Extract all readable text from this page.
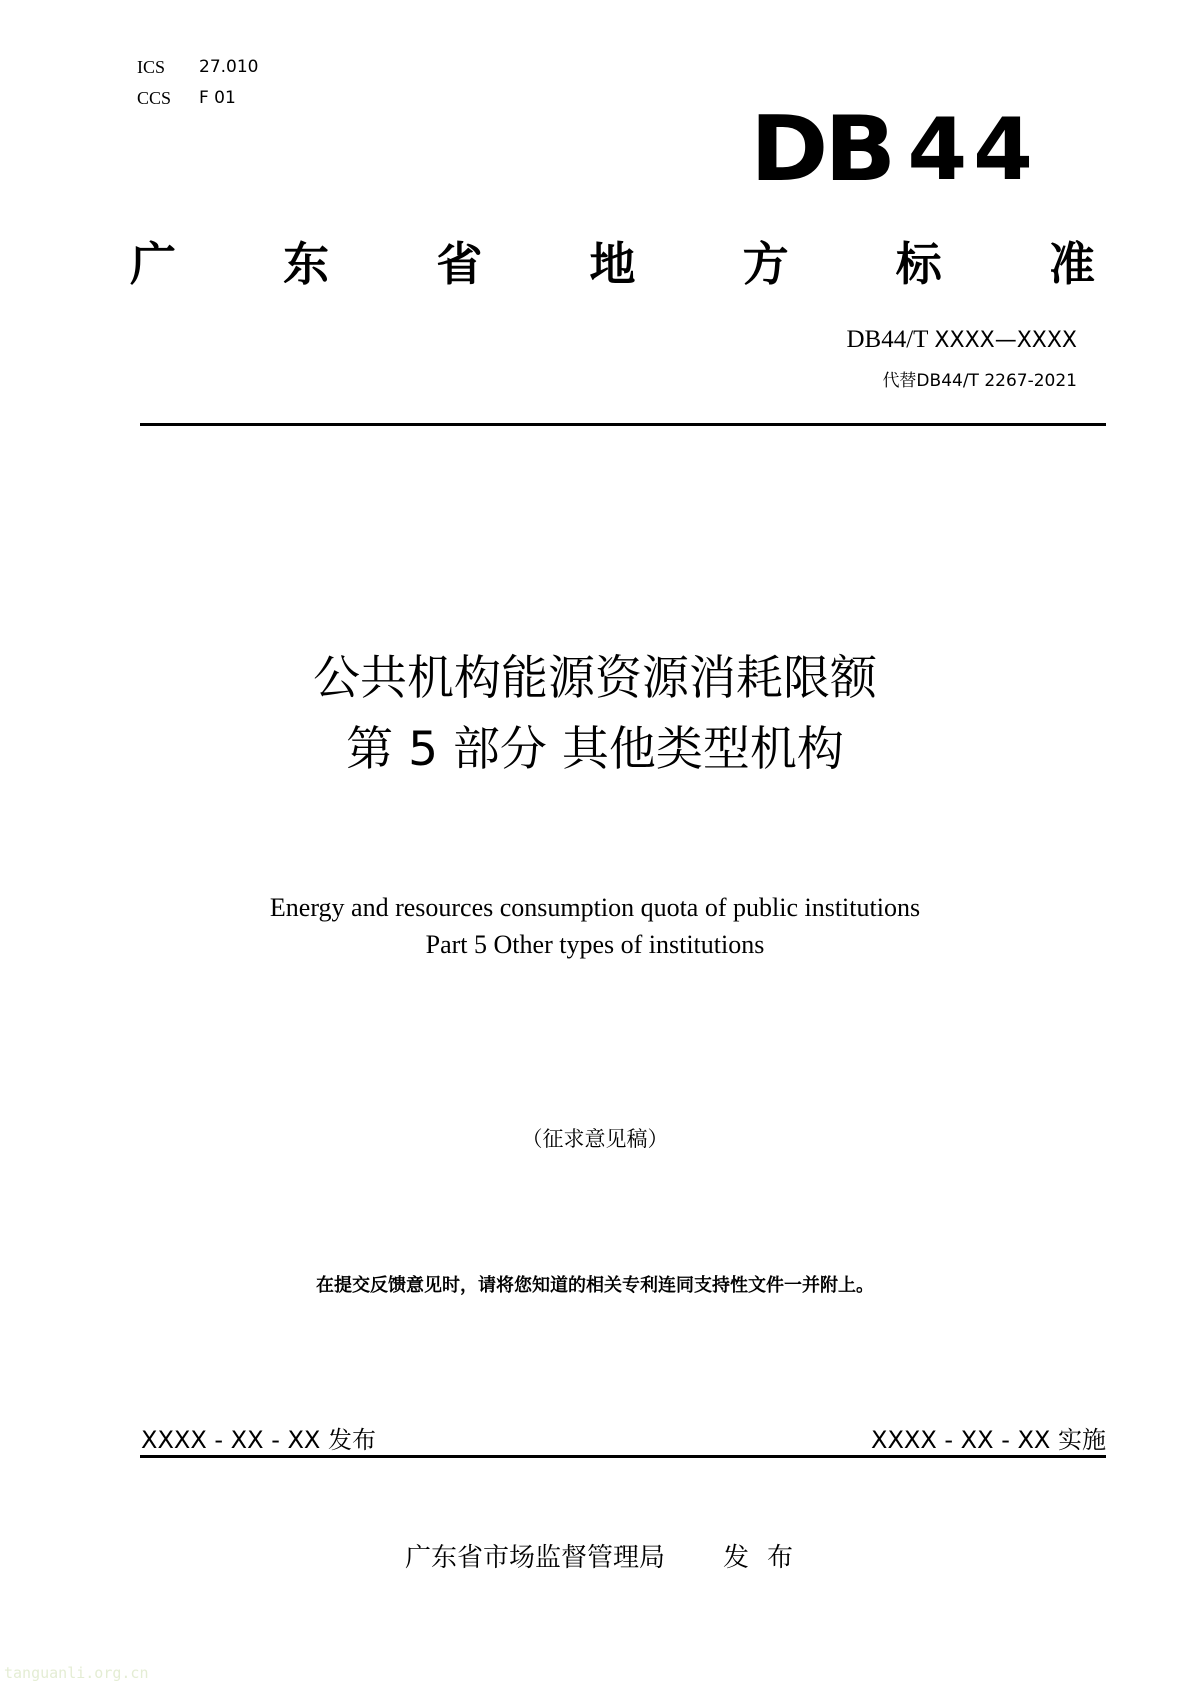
ICS	27.010
CCS	F 01	DB 44
广 东 省 地 方 标 准
DB44/T XXXX—XXXX
代替DB44/T 2267-2021
公共机构能源资源消耗限额
第 5 部分 其他类型机构
Energy and resources consumption quota of public institutions
Part 5 Other types of institutions
（征求意见稿）
在提交反馈意见时，请将您知道的相关专利连同支持性文件一并附上。
XXXX - XX - XX 发布	XXXX - XX - XX 实施
广东省市场监督管理局 发布
tanguanli.org.cn
